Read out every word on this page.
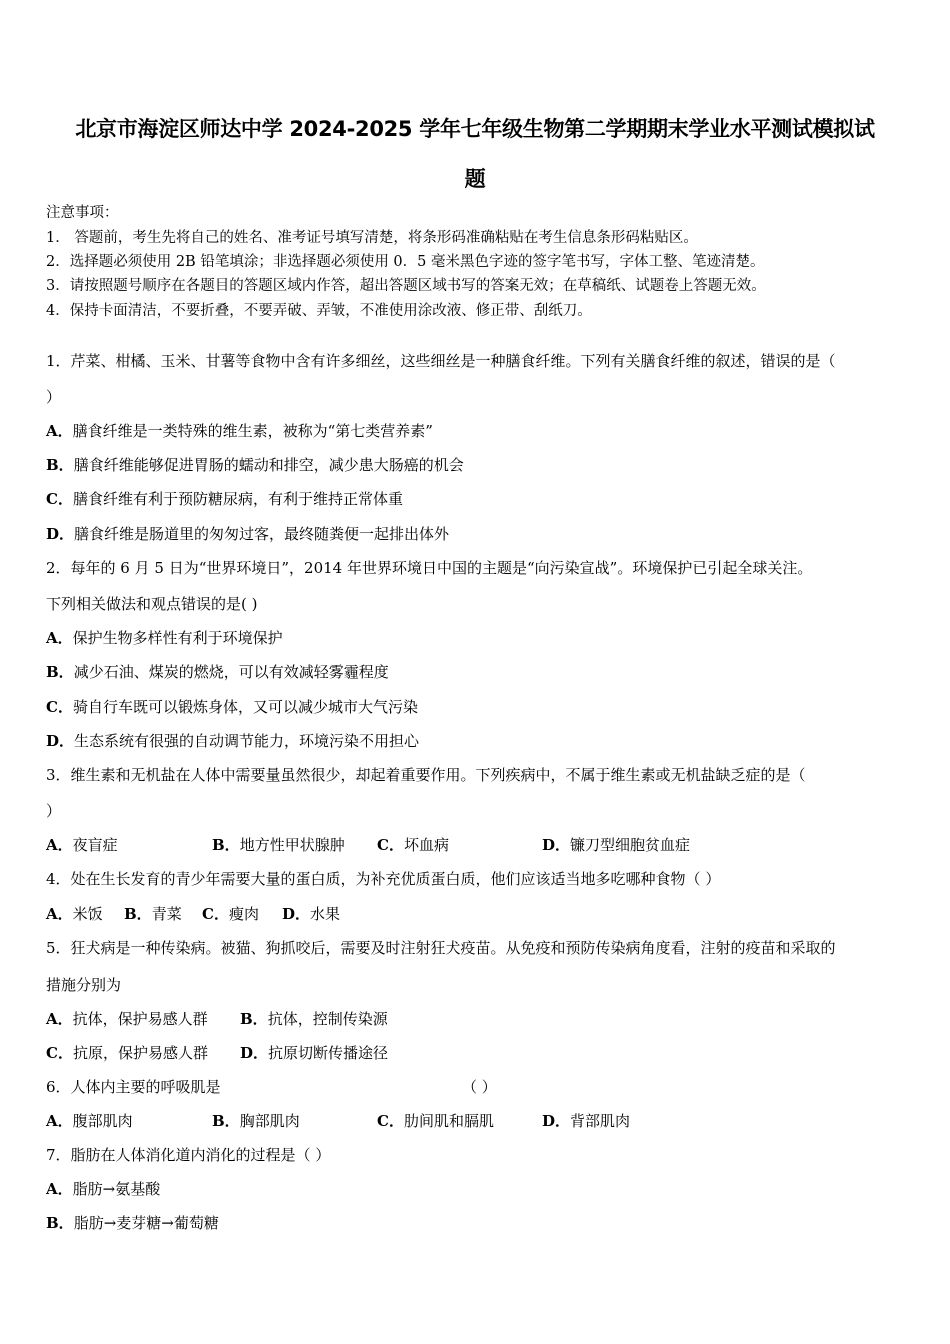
北京市海淀区师达中学 2024-2025 学年七年级生物第二学期期末学业水平测试模拟试
题
注意事项：
1． 答题前，考生先将自己的姓名、准考证号填写清楚，将条形码准确粘贴在考生信息条形码粘贴区。
2．选择题必须使用 2B 铅笔填涂；非选择题必须使用 0．5 毫米黑色字迹的签字笔书写，字体工整、笔迹清楚。
3．请按照题号顺序在各题目的答题区域内作答，超出答题区域书写的答案无效；在草稿纸、试题卷上答题无效。
4．保持卡面清洁，不要折叠，不要弄破、弄皱，不准使用涂改液、修正带、刮纸刀。
1．芹菜、柑橘、玉米、甘薯等食物中含有许多细丝，这些细丝是一种膳食纤维。下列有关膳食纤维的叙述，错误的是（
）
A．膳食纤维是一类特殊的维生素，被称为“第七类营养素”
B．膳食纤维能够促进胃肠的蠕动和排空，减少患大肠癌的机会
C．膳食纤维有利于预防糖尿病，有利于维持正常体重
D．膳食纤维是肠道里的匆匆过客，最终随粪便一起排出体外
2．每年的 6 月 5 日为“世界环境日”，2014 年世界环境日中国的主题是“向污染宣战”。环境保护已引起全球关注。
下列相关做法和观点错误的是( )
A．保护生物多样性有利于环境保护
B．减少石油、煤炭的燃烧，可以有效减轻雾霾程度
C．骑自行车既可以锻炼身体，又可以减少城市大气污染
D．生态系统有很强的自动调节能力，环境污染不用担心
3．维生素和无机盐在人体中需要量虽然很少，却起着重要作用。下列疾病中，不属于维生素或无机盐缺乏症的是（
）
A．夜盲症	B．地方性甲状腺肿 C．坏血病	D．镰刀型细胞贫血症
4．处在生长发育的青少年需要大量的蛋白质，为补充优质蛋白质，他们应该适当地多吃哪种食物（ ）
A．米饭 B．青菜 C．瘦肉 D．水果
5．狂犬病是一种传染病。被猫、狗抓咬后，需要及时注射狂犬疫苗。从免疫和预防传染病角度看，注射的疫苗和采取的
措施分别为
A．抗体，保护易感人群 B．抗体，控制传染源
C．抗原，保护易感人群 D．抗原切断传播途径
6．人体内主要的呼吸肌是	（ ）
A．腹部肌肉	B．胸部肌肉	C．肋间肌和膈肌	D．背部肌肉
7．脂肪在人体消化道内消化的过程是（ ）
A．脂肪→氨基酸
B．脂肪→麦芽糖→葡萄糖
